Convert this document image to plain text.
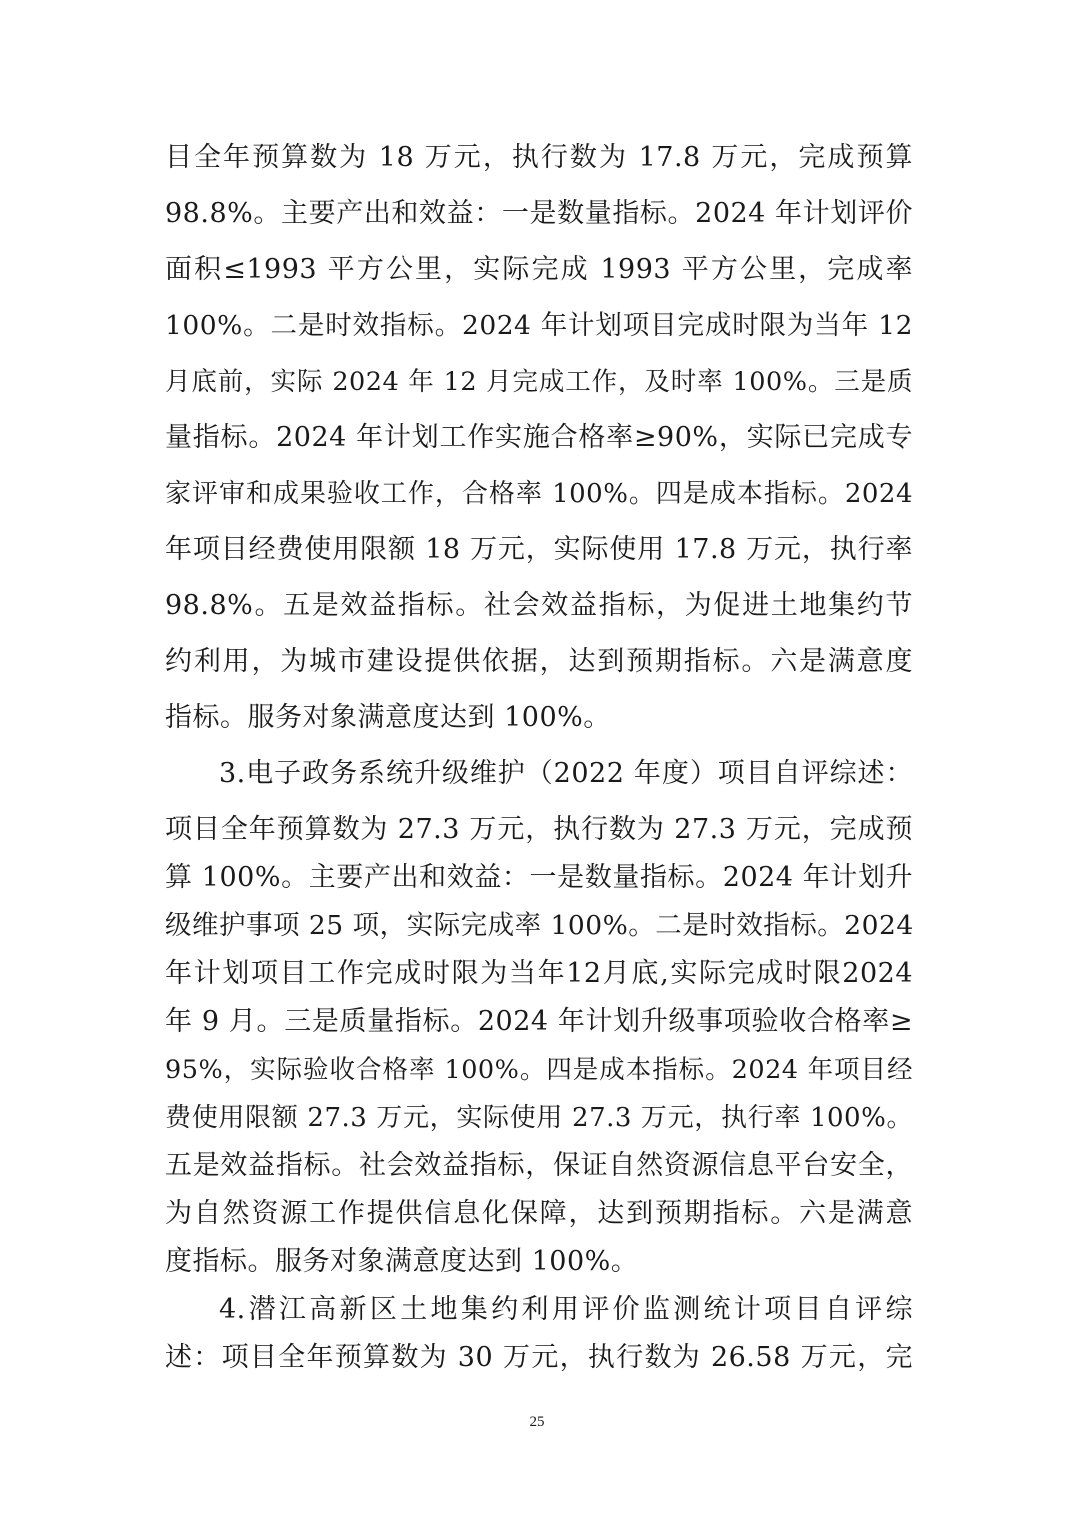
目全年预算数为 18 万元，执行数为 17.8 万元，完成预算
98.8%。主要产出和效益：一是数量指标。2024 年计划评价
面积≤1993 平方公里，实际完成 1993 平方公里，完成率
100%。二是时效指标。2024 年计划项目完成时限为当年 12
月底前，实际 2024 年 12 月完成工作，及时率 100%。三是质
量指标。2024 年计划工作实施合格率≥90%，实际已完成专
家评审和成果验收工作，合格率 100%。四是成本指标。2024
年项目经费使用限额 18 万元，实际使用 17.8 万元，执行率
98.8%。五是效益指标。社会效益指标，为促进土地集约节
约利用，为城市建设提供依据，达到预期指标。六是满意度
指标。服务对象满意度达到 100%。
3.电子政务系统升级维护（2022 年度）项目自评综述：
项目全年预算数为 27.3 万元，执行数为 27.3 万元，完成预
算 100%。主要产出和效益：一是数量指标。2024 年计划升
级维护事项 25 项，实际完成率 100%。二是时效指标。2024
年计划项目工作完成时限为当年12月底,实际完成时限2024
年 9 月。三是质量指标。2024 年计划升级事项验收合格率≥
95%，实际验收合格率 100%。四是成本指标。2024 年项目经
费使用限额 27.3 万元，实际使用 27.3 万元，执行率 100%。
五是效益指标。社会效益指标，保证自然资源信息平台安全，
为自然资源工作提供信息化保障，达到预期指标。六是满意
度指标。服务对象满意度达到 100%。
4.潜江高新区土地集约利用评价监测统计项目自评综
述：项目全年预算数为 30 万元，执行数为 26.58 万元，完
25
